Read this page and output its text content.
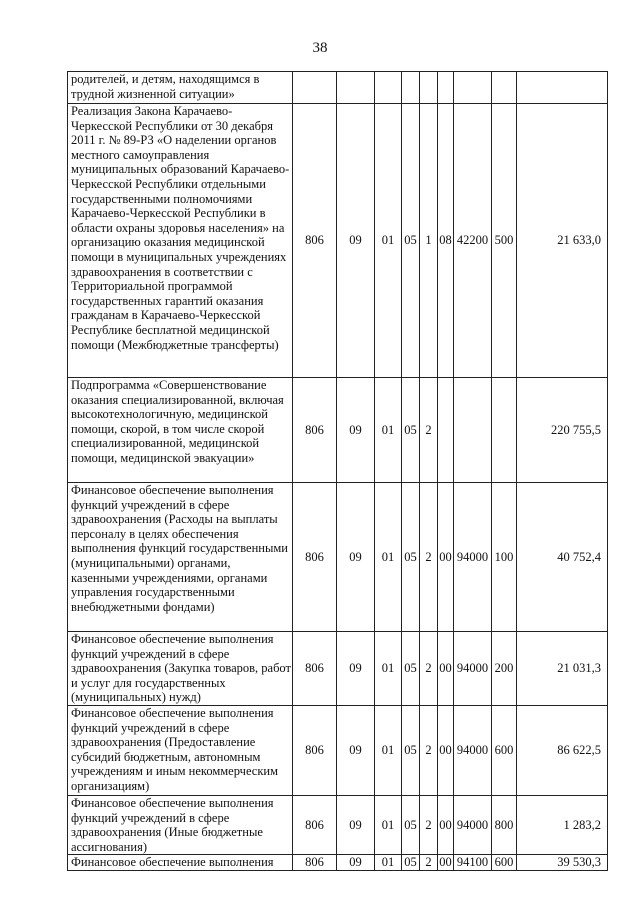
38
родителей, и детям, находящимся в трудной жизненной ситуации»									
Реализация Закона Карачаево-Черкесской Республики от 30 декабря 2011 г. № 89-РЗ «О наделении органов местного самоуправления муниципальных образований Карачаево-Черкесской Республики отдельными государственными полномочиями Карачаево-Черкесской Республики в области охраны здоровья населения» на организацию оказания медицинской помощи в муниципальных учреждениях здравоохранения в соответствии с Территориальной программой государственных гарантий оказания гражданам в Карачаево-Черкесской Республике бесплатной медицинской помощи (Межбюджетные трансферты)	806	09	01	05	1	08	42200	500	21 633,0
Подпрограмма «Совершенствование оказания специализированной, включая высокотехнологичную, медицинской помощи, скорой, в том числе скорой специализированной, медицинской помощи, медицинской эвакуации»	806	09	01	05	2				220 755,5
Финансовое обеспечение выполнения функций учреждений в сфере здравоохранения (Расходы на выплаты персоналу в целях обеспечения выполнения функций государственными (муниципальными) органами, казенными учреждениями, органами управления государственными внебюджетными фондами)	806	09	01	05	2	00	94000	100	40 752,4
Финансовое обеспечение выполнения функций учреждений в сфере здравоохранения (Закупка товаров, работ и услуг для государственных (муниципальных) нужд)	806	09	01	05	2	00	94000	200	21 031,3
Финансовое обеспечение выполнения функций учреждений в сфере здравоохранения (Предоставление субсидий бюджетным, автономным учреждениям и иным некоммерческим организациям)	806	09	01	05	2	00	94000	600	86 622,5
Финансовое обеспечение выполнения функций учреждений в сфере здравоохранения (Иные бюджетные ассигнования)	806	09	01	05	2	00	94000	800	1 283,2
Финансовое обеспечение выполнения	806	09	01	05	2	00	94100	600	39 530,3
